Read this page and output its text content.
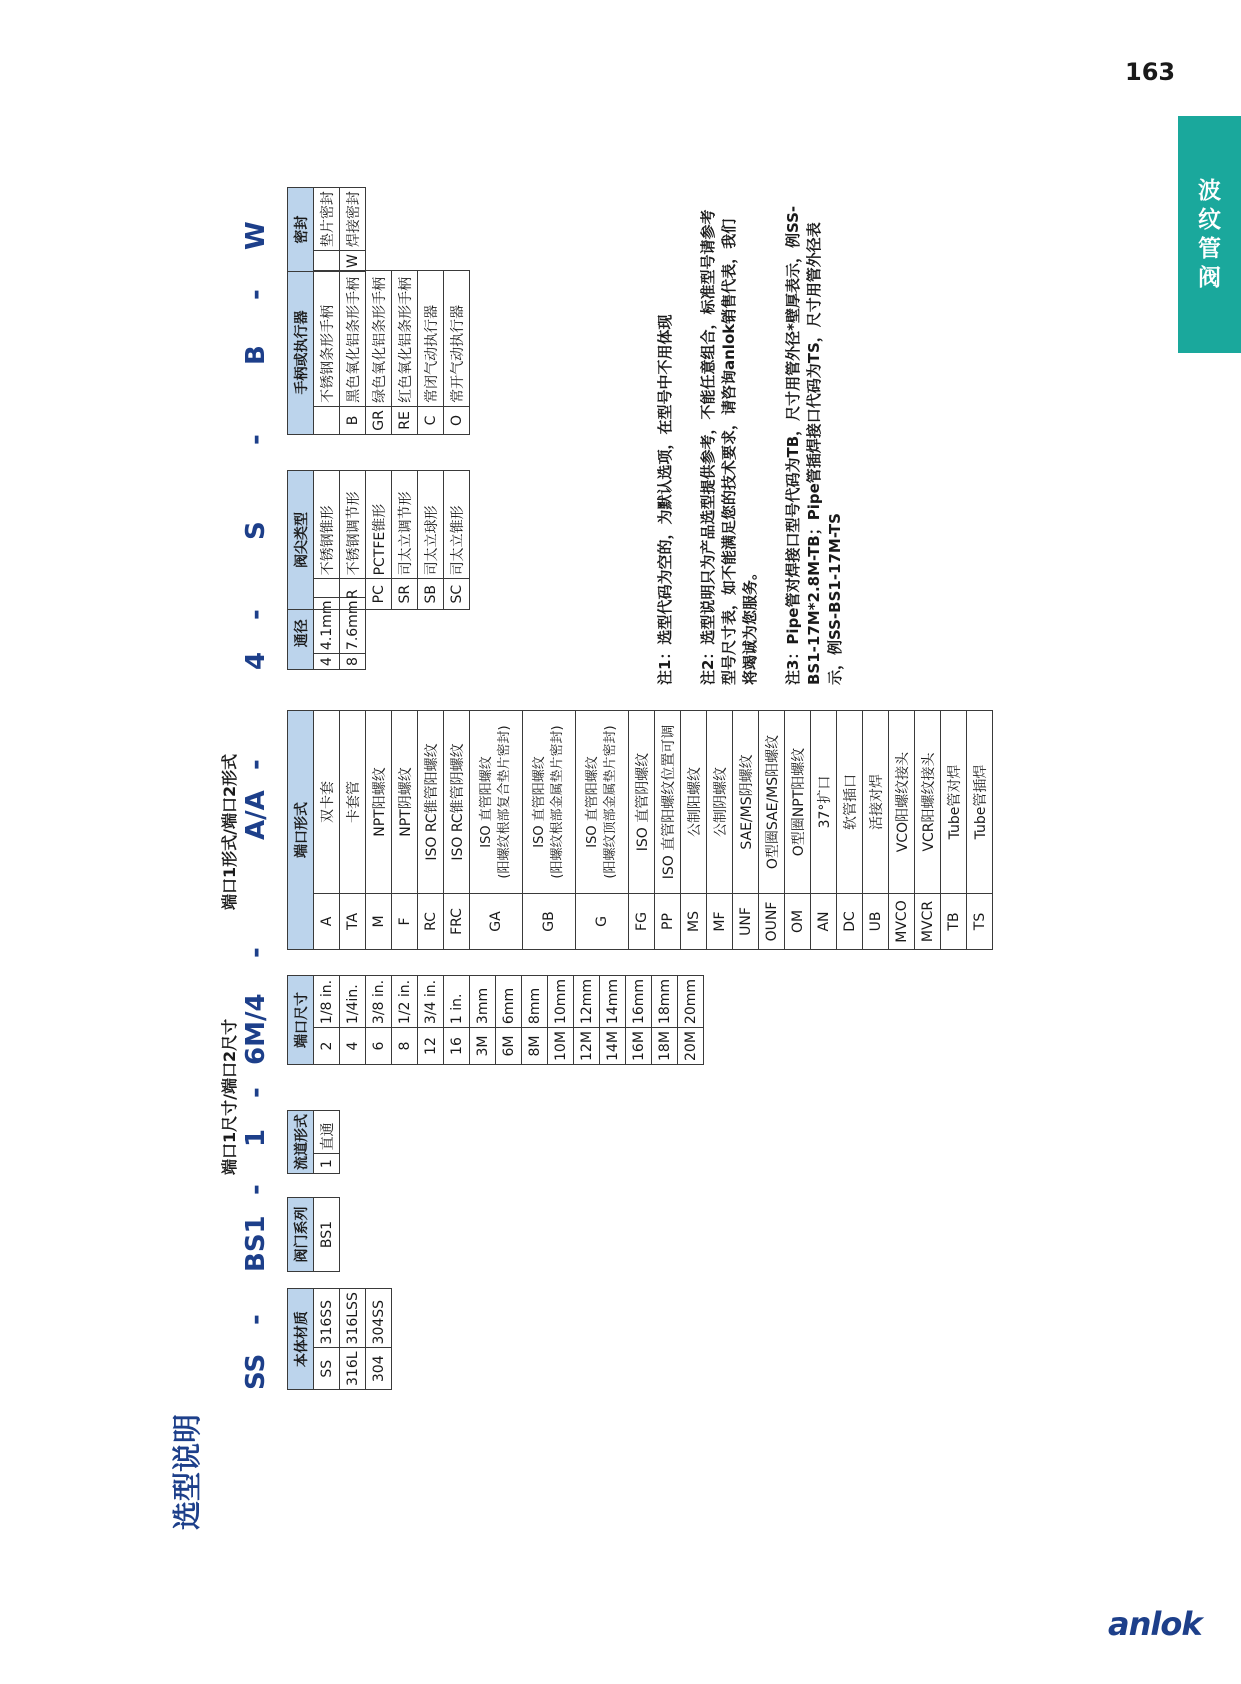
163
波
纹
管
阀
anlok
选型说明
端口1尺寸/端口2尺寸
端口1形式/端口2形式
SS
-
BS1
-
1
-
6M/4
-
A/A
-
4
-
S
-
B
-
W
本体材质	
SS	316SS
316L	316LSS
304	304SS
阀门系列
BS1
流道形式
1	直通
端口尺寸	
2	1/8 in.
4	1/4in.
6	3/8 in.
8	1/2 in.
12	3/4 in.
16	1 in.
3M	3mm
6M	6mm
8M	8mm
10M	10mm
12M	12mm
14M	14mm
16M	16mm
18M	18mm
20M	20mm
端口形式	
A	双卡套
TA	卡套管
M	NPT阳螺纹
F	NPT阴螺纹
RC	ISO RC锥管阳螺纹
FRC	ISO RC锥管阴螺纹
GA	ISO 直管阳螺纹 (阳螺纹根部复合垫片密封)

GB	ISO 直管阳螺纹 (阳螺纹根部金属垫片密封)

G	ISO 直管阳螺纹 (阳螺纹顶部金属垫片密封)

FG	ISO 直管阴螺纹
PP	ISO 直管阳螺纹位置可调
MS	公制阳螺纹
MF	公制阴螺纹
UNF	SAE/MS阴螺纹
OUNF	O型圈SAE/MS阳螺纹
OM	O型圈NPT阳螺纹
AN	37°扩口
DC	软管插口
UB	活接对焊
MVCO	VCO阳螺纹接头
MVCR	VCR阳螺纹接头
TB	Tube管对焊
TS	Tube管插焊
通径	
4	4.1mm
8	7.6mm
阀尖类型	
	不锈钢锥形
R	不锈钢调节形
PC	PCTFE锥形
SR	司太立调节形
SB	司太立球形
SC	司太立锥形
手柄或执行器	
	不锈钢条形手柄
B	黑色氧化铝条形手柄
GR	绿色氧化铝条形手柄
RE	红色氧化铝条形手柄
C	常闭气动执行器
O	常开气动执行器
密封	
	垫片密封
W	焊接密封

注1：选型代码为空的，为默认选项，在型号中不用体现 注2：选型说明只为产品选型提供参考，不能任意组合，标准型号请参考型号尺寸表，如不能满足您的技术要求，请咨询anlok销售代表，我们将竭诚为您服务。 注3：Pipe管对焊接口型号代码为TB，尺寸用管外径*壁厚表示，例SS-BS1-17M*2.8M-TB；Pipe管插焊接口代码为TS，尺寸用管外径表示，例SS-BS1-17M-TS
